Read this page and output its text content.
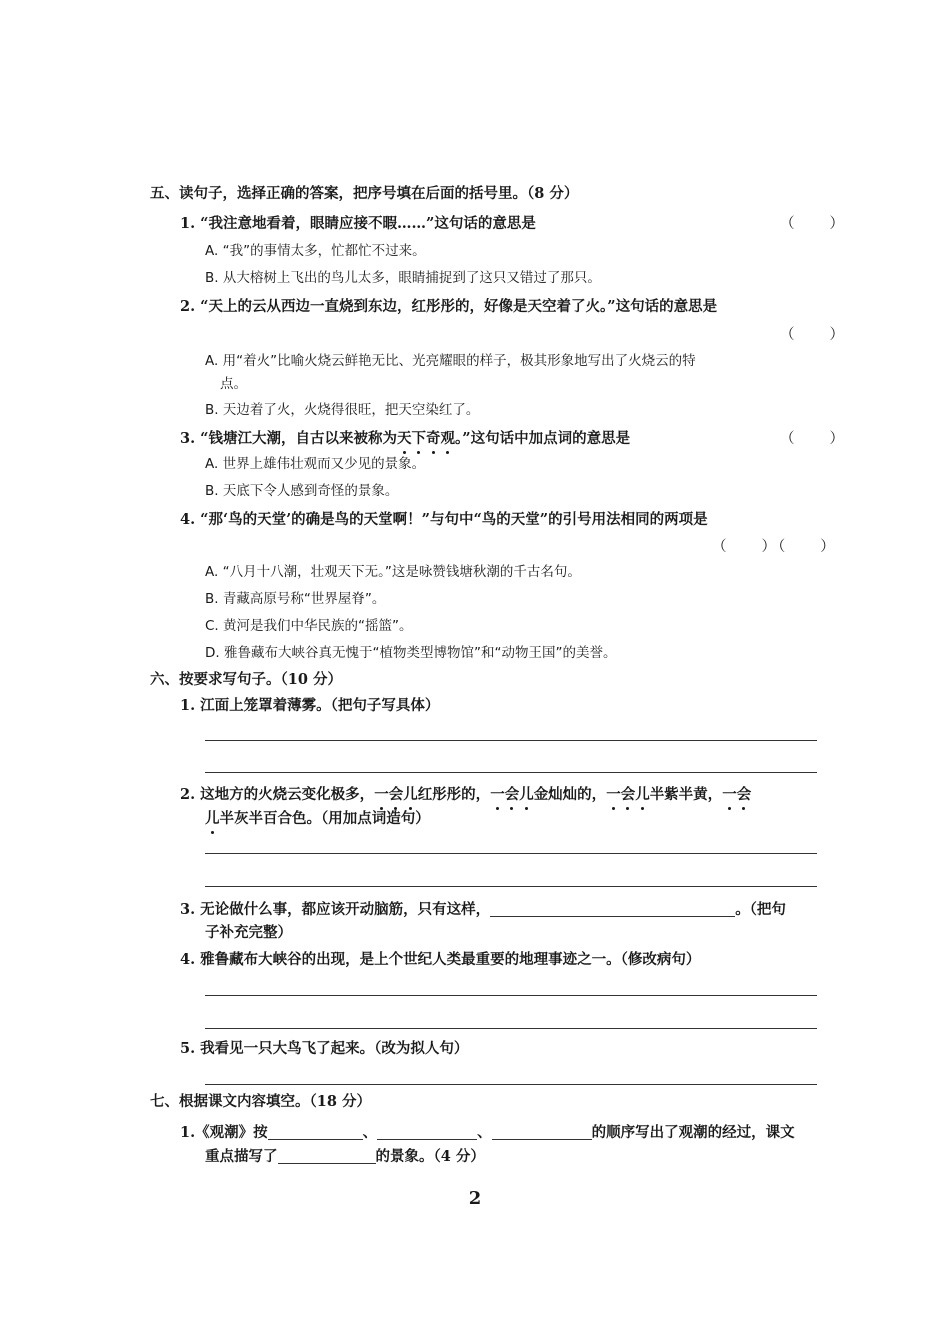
五、读句子，选择正确的答案，把序号填在后面的括号里。（8 分）
1. “我注意地看着，眼睛应接不暇……”这句话的意思是	（　　）
A. “我”的事情太多，忙都忙不过来。
B. 从大榕树上飞出的鸟儿太多，眼睛捕捉到了这只又错过了那只。
2. “天上的云从西边一直烧到东边，红彤彤的，好像是天空着了火。”这句话的意思是
（　　）
A. 用“着火”比喻火烧云鲜艳无比、光亮耀眼的样子，极其形象地写出了火烧云的特
点。
B. 天边着了火，火烧得很旺，把天空染红了。
3. “钱塘江大潮，自古以来被称为天下奇观。”这句话中加点词的意思是	（　　）
A. 世界上雄伟壮观而又少见的景象。
B. 天底下令人感到奇怪的景象。
4. “那‘鸟的天堂’的确是鸟的天堂啊！”与句中“鸟的天堂”的引号用法相同的两项是
（　　）（　　）
A. “八月十八潮，壮观天下无。”这是咏赞钱塘秋潮的千古名句。
B. 青藏高原号称“世界屋脊”。
C. 黄河是我们中华民族的“摇篮”。
D. 雅鲁藏布大峡谷真无愧于“植物类型博物馆”和“动物王国”的美誉。
六、按要求写句子。（10 分）
1. 江面上笼罩着薄雾。（把句子写具体）
2. 这地方的火烧云变化极多，一会儿红彤彤的，一会儿金灿灿的，一会儿半紫半黄，一会
儿半灰半百合色。（用加点词造句）
3. 无论做什么事，都应该开动脑筋，只有这样，	。（把句
子补充完整）
4. 雅鲁藏布大峡谷的出现，是上个世纪人类最重要的地理事迹之一。（修改病句）
5. 我看见一只大鸟飞了起来。（改为拟人句）
七、根据课文内容填空。（18 分）
1.《观潮》按	、	、	的顺序写出了观潮的经过，课文
重点描写了	的景象。（4 分）
2
